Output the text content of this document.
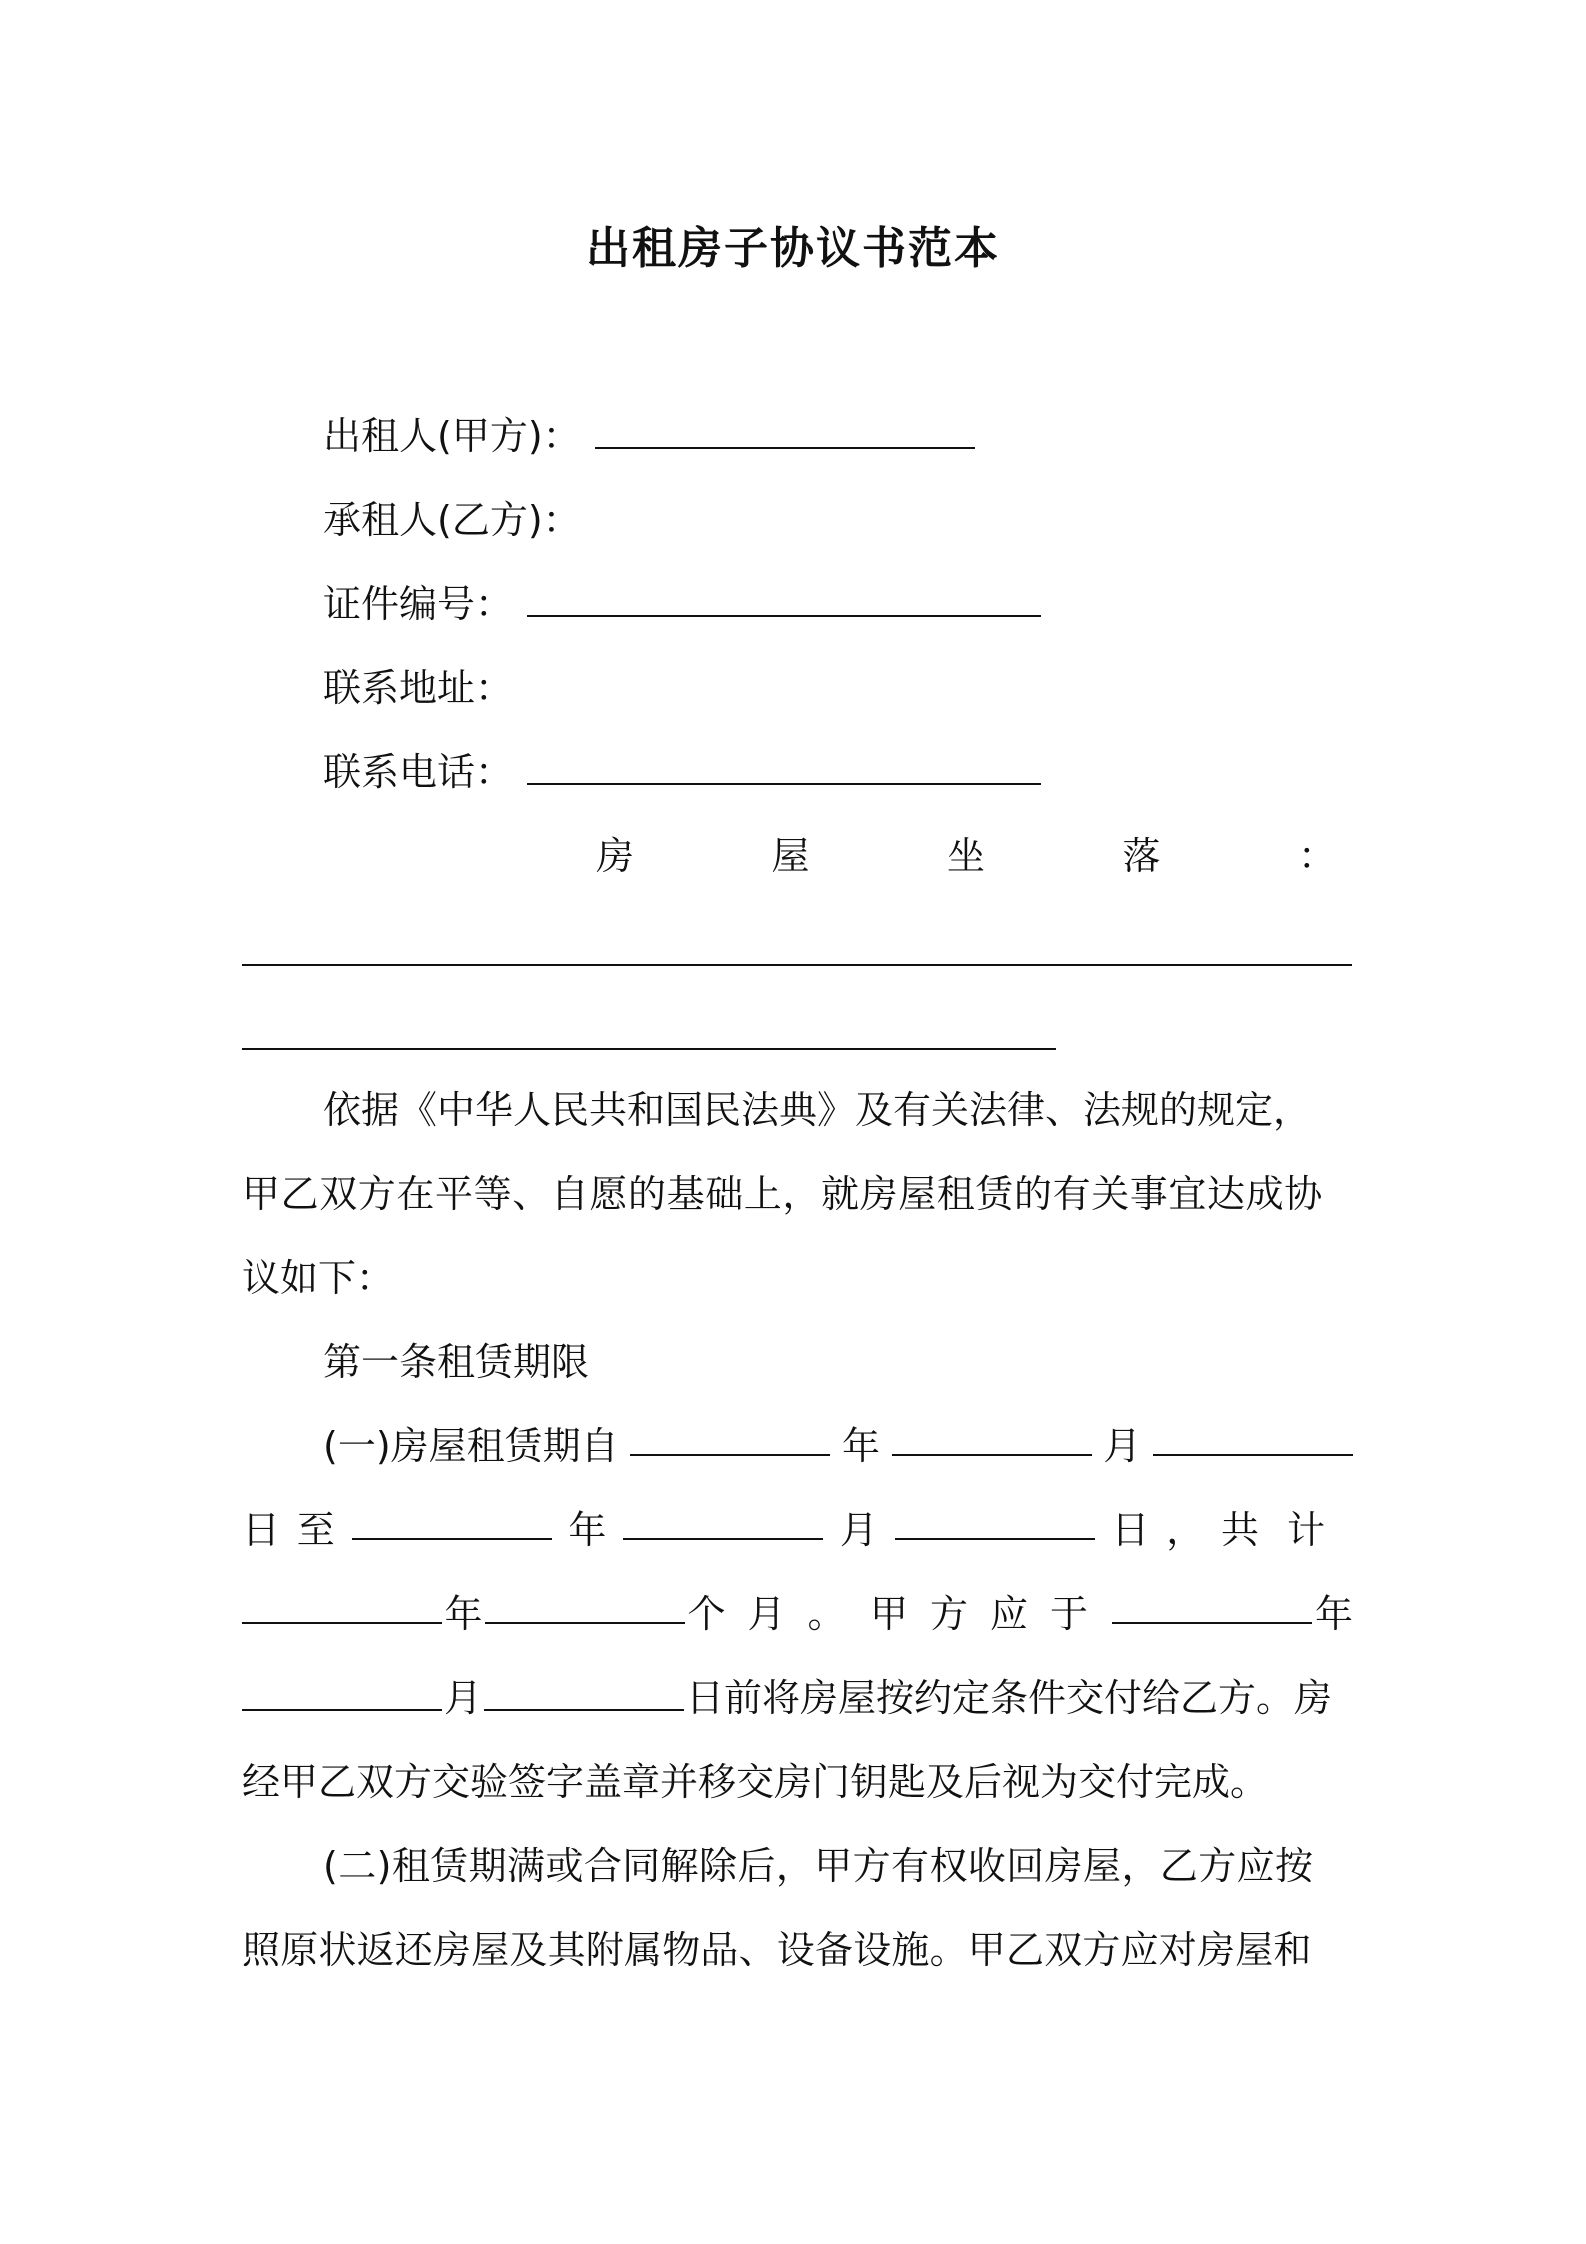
出租房子协议书范本
出租人(甲方)：
承租人(乙方)：
证件编号：
联系地址：
联系电话：
房	屋	坐	落	：
依据《中华人民共和国民法典》及有关法律、法规的规定，
甲乙双方在平等、自愿的基础上，就房屋租赁的有关事宜达成协
议如下：
第一条租赁期限
(一)房屋租赁期自	年	月
日 至	年	月	日 ， 共计
年	个月。 甲方应于	年
月	日前将房屋按约定条件交付给乙方。房
经甲乙双方交验签字盖章并移交房门钥匙及后视为交付完成。
(二)租赁期满或合同解除后，甲方有权收回房屋，乙方应按
照原状返还房屋及其附属物品、设备设施。甲乙双方应对房屋和
